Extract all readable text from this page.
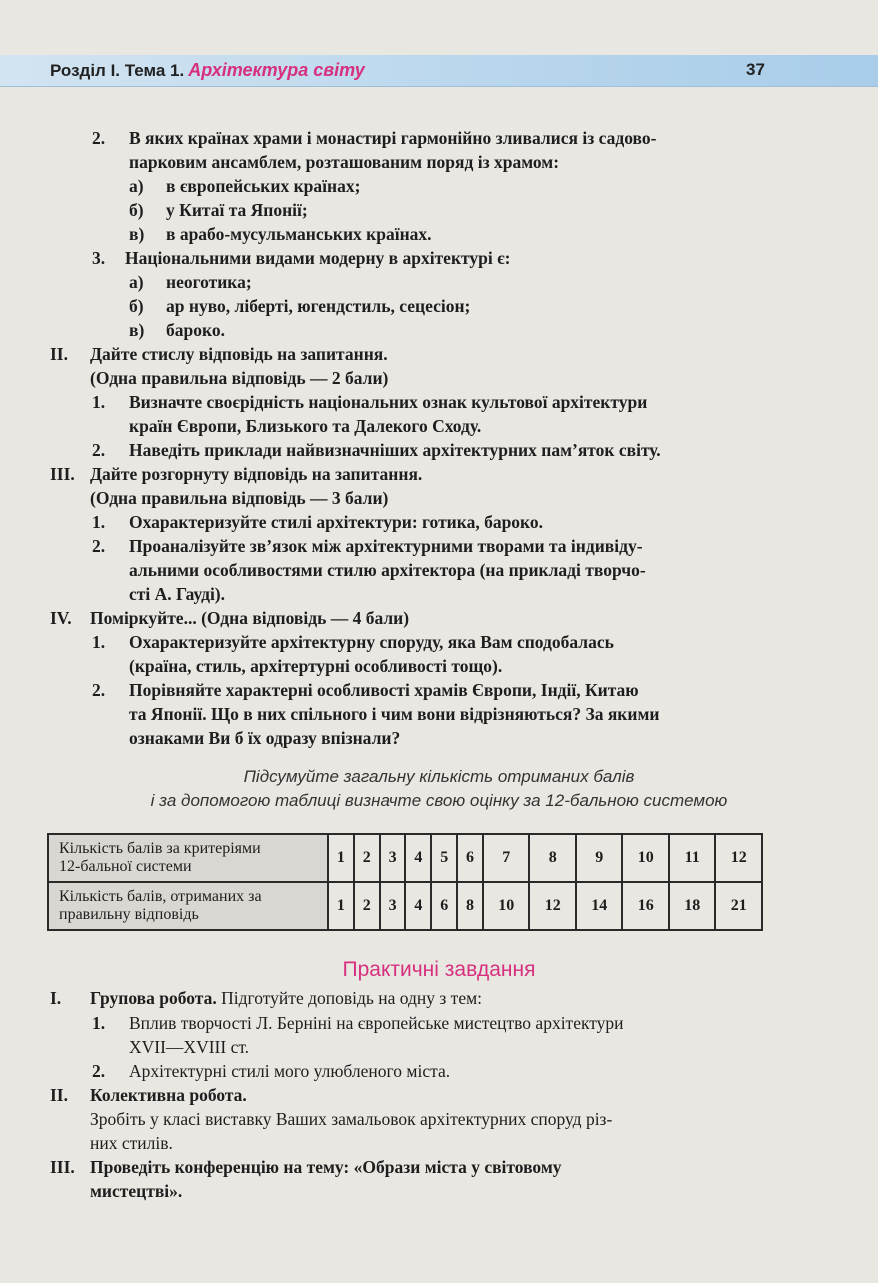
Розділ І. Тема 1. Архітектура світу	37
2. В яких країнах храми і монастирі гармонійно зливалися із садово-
парковим ансамблем, розташованим поряд із храмом:
а) в європейських країнах;
б) у Китаї та Японії;
в) в арабо-мусульманських країнах.
3. Національними видами модерну в архітектурі є:
а) неоготика;
б) ар нуво, ліберті, югендстиль, сецесіон;
в) бароко.
II. Дайте стислу відповідь на запитання.
(Одна правильна відповідь — 2 бали)
1. Визначте своєрідність національних ознак культової архітектури
країн Європи, Близького та Далекого Сходу.
2. Наведіть приклади найвизначніших архітектурних пам’яток світу.
III. Дайте розгорнуту відповідь на запитання.
(Одна правильна відповідь — 3 бали)
1. Охарактеризуйте стилі архітектури: готика, бароко.
2. Проаналізуйте зв’язок між архітектурними творами та індивіду-
альними особливостями стилю архітектора (на прикладі творчо-
сті А. Гауді).
IV. Поміркуйте... (Одна відповідь — 4 бали)
1. Охарактеризуйте архітектурну споруду, яка Вам сподобалась
(країна, стиль, архітертурні особливості тощо).
2. Порівняйте характерні особливості храмів Європи, Індії, Китаю
та Японії. Що в них спільного і чим вони відрізняються? За якими
ознаками Ви б їх одразу впізнали?
Підсумуйте загальну кількість отриманих балів
і за допомогою таблиці визначте свою оцінку за 12-бальною системою
Кількість балів за критеріями
12-бальної системи	1	2	3	4	5	6	7	8	9	10	11	12

Кількість балів, отриманих за
правильну відповідь	1	2	3	4	6	8	10	12	14	16	18	21
Практичні завдання
I. Групова робота. Підготуйте доповідь на одну з тем:
1. Вплив творчості Л. Берніні на європейське мистецтво архітектури
XVII—XVIII ст.
2. Архітектурні стилі мого улюбленого міста.
II. Колективна робота.
Зробіть у класі виставку Ваших замальовок архітектурних споруд різ-
них стилів.
III. Проведіть конференцію на тему: «Образи міста у світовому
мистецтві».
